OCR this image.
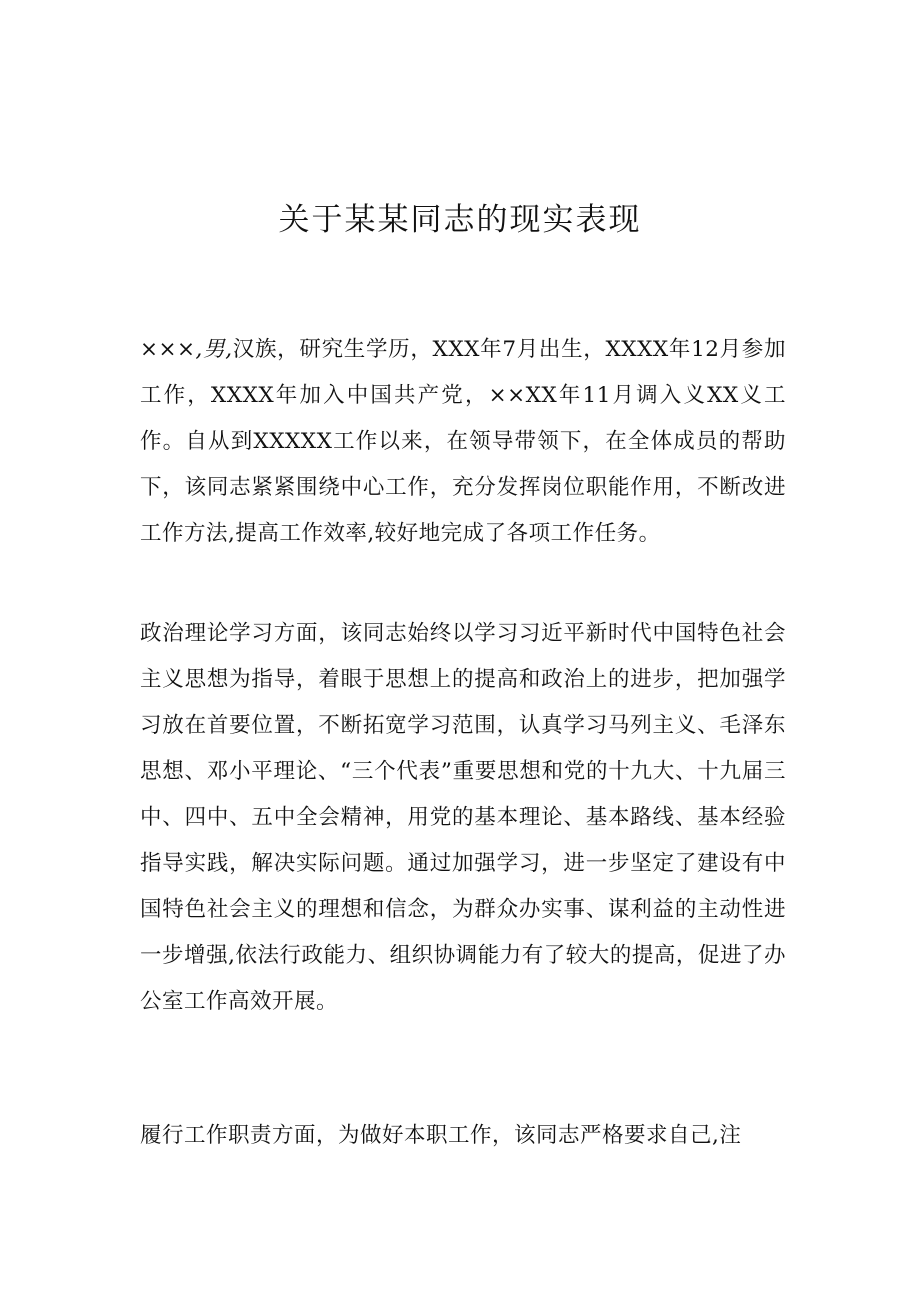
关于某某同志的现实表现

×××,男,汉族，研究生学历，XXX年7月出生，XXXX年12月参加工作，XXXX年加入中国共产党，××XX年11月调入义XX义工作。自从到XXXXX工作以来，在领导带领下，在全体成员的帮助下，该同志紧紧围绕中心工作，充分发挥岗位职能作用，不断改进工作方法,提高工作效率,较好地完成了各项工作任务。

政治理论学习方面，该同志始终以学习习近平新时代中国特色社会主义思想为指导，着眼于思想上的提高和政治上的进步，把加强学习放在首要位置，不断拓宽学习范围，认真学习马列主义、毛泽东思想、邓小平理论、“三个代表”重要思想和党的十九大、十九届三中、四中、五中全会精神，用党的基本理论、基本路线、基本经验指导实践，解决实际问题。通过加强学习，进一步坚定了建设有中国特色社会主义的理想和信念，为群众办实事、谋利益的主动性进一步增强,依法行政能力、组织协调能力有了较大的提高，促进了办公室工作高效开展。

履行工作职责方面，为做好本职工作，该同志严格要求自己,注
